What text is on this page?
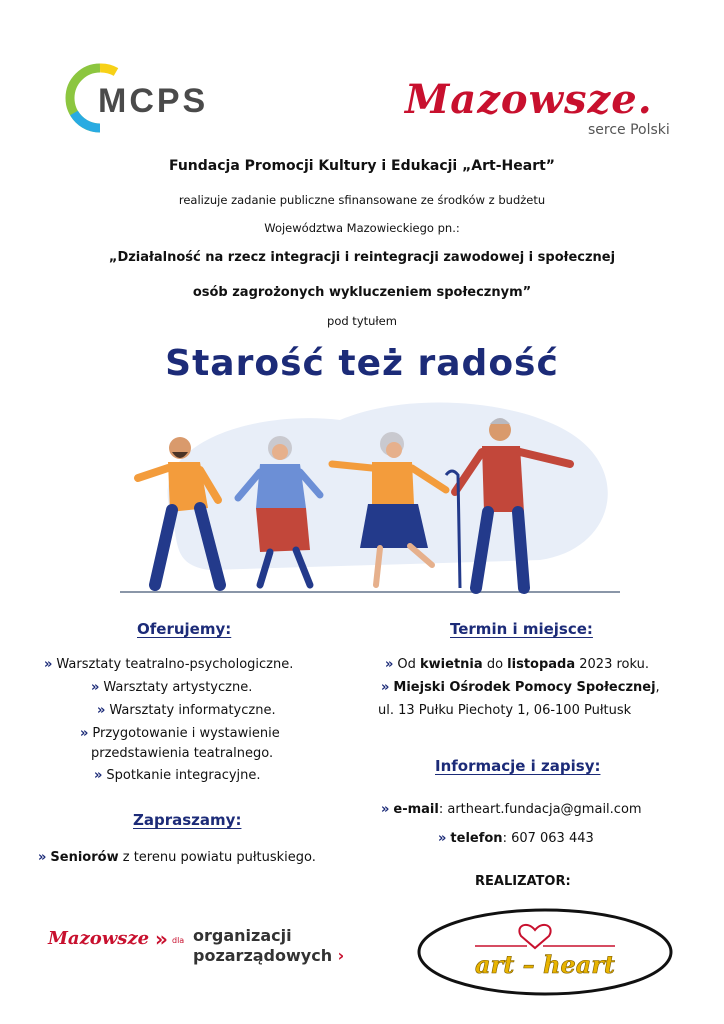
MCPS	Mazowsze.
serce Polski
Fundacja Promocji Kultury i Edukacji „Art-Heart”
realizuje zadanie publiczne sfinansowane ze środków z budżetu
Województwa Mazowieckiego pn.:
„Działalność na rzecz integracji i reintegracji zawodowej i społecznej
osób zagrożonych wykluczeniem społecznym”
pod tytułem
Starość też radość
Oferujemy:
» Warsztaty teatralno-psychologiczne.
» Warsztaty artystyczne.
» Warsztaty informatyczne.
» Przygotowanie i wystawienie
przedstawienia teatralnego.
» Spotkanie integracyjne.
Zapraszamy:
» Seniorów z terenu powiatu pułtuskiego.
Termin i miejsce:
» Od kwietnia do listopada 2023 roku.
» Miejski Ośrodek Pomocy Społecznej,
ul. 13 Pułku Piechoty 1, 06-100 Pułtusk
Informacje i zapisy:
» e-mail: artheart.fundacja@gmail.com
» telefon: 607 063 443
REALIZATOR:
Mazowsze » dla organizacji
pozarządowych ›	art – heart
